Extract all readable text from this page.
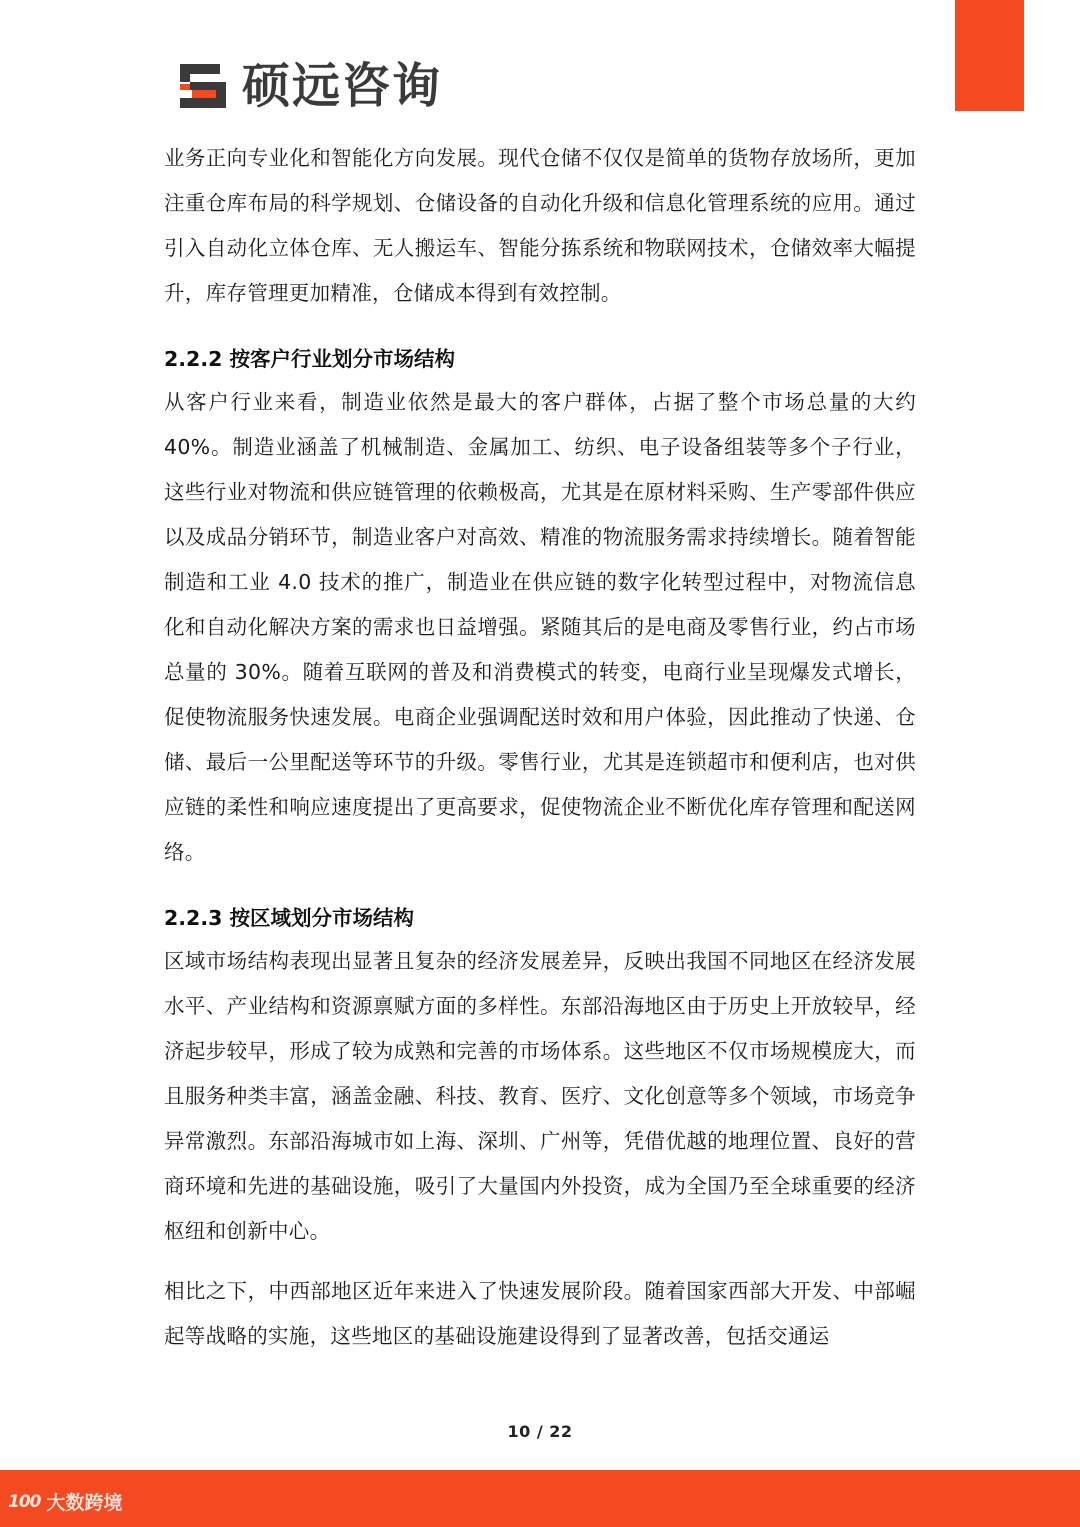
硕远咨询

业务正向专业化和智能化方向发展。现代仓储不仅仅是简单的货物存放场所，更加注重仓库布局的科学规划、仓储设备的自动化升级和信息化管理系统的应用。通过引入自动化立体仓库、无人搬运车、智能分拣系统和物联网技术，仓储效率大幅提升，库存管理更加精准，仓储成本得到有效控制。

2.2.2 按客户行业划分市场结构

从客户行业来看，制造业依然是最大的客户群体，占据了整个市场总量的大约40%。制造业涵盖了机械制造、金属加工、纺织、电子设备组装等多个子行业，这些行业对物流和供应链管理的依赖极高，尤其是在原材料采购、生产零部件供应以及成品分销环节，制造业客户对高效、精准的物流服务需求持续增长。随着智能制造和工业 4.0 技术的推广，制造业在供应链的数字化转型过程中，对物流信息化和自动化解决方案的需求也日益增强。紧随其后的是电商及零售行业，约占市场总量的 30%。随着互联网的普及和消费模式的转变，电商行业呈现爆发式增长，促使物流服务快速发展。电商企业强调配送时效和用户体验，因此推动了快递、仓储、最后一公里配送等环节的升级。零售行业，尤其是连锁超市和便利店，也对供应链的柔性和响应速度提出了更高要求，促使物流企业不断优化库存管理和配送网络。

2.2.3 按区域划分市场结构

区域市场结构表现出显著且复杂的经济发展差异，反映出我国不同地区在经济发展水平、产业结构和资源禀赋方面的多样性。东部沿海地区由于历史上开放较早，经济起步较早，形成了较为成熟和完善的市场体系。这些地区不仅市场规模庞大，而且服务种类丰富，涵盖金融、科技、教育、医疗、文化创意等多个领域，市场竞争异常激烈。东部沿海城市如上海、深圳、广州等，凭借优越的地理位置、良好的营商环境和先进的基础设施，吸引了大量国内外投资，成为全国乃至全球重要的经济枢纽和创新中心。

相比之下，中西部地区近年来进入了快速发展阶段。随着国家西部大开发、中部崛起等战略的实施，这些地区的基础设施建设得到了显著改善，包括交通运

10 / 22
100 大数跨境
